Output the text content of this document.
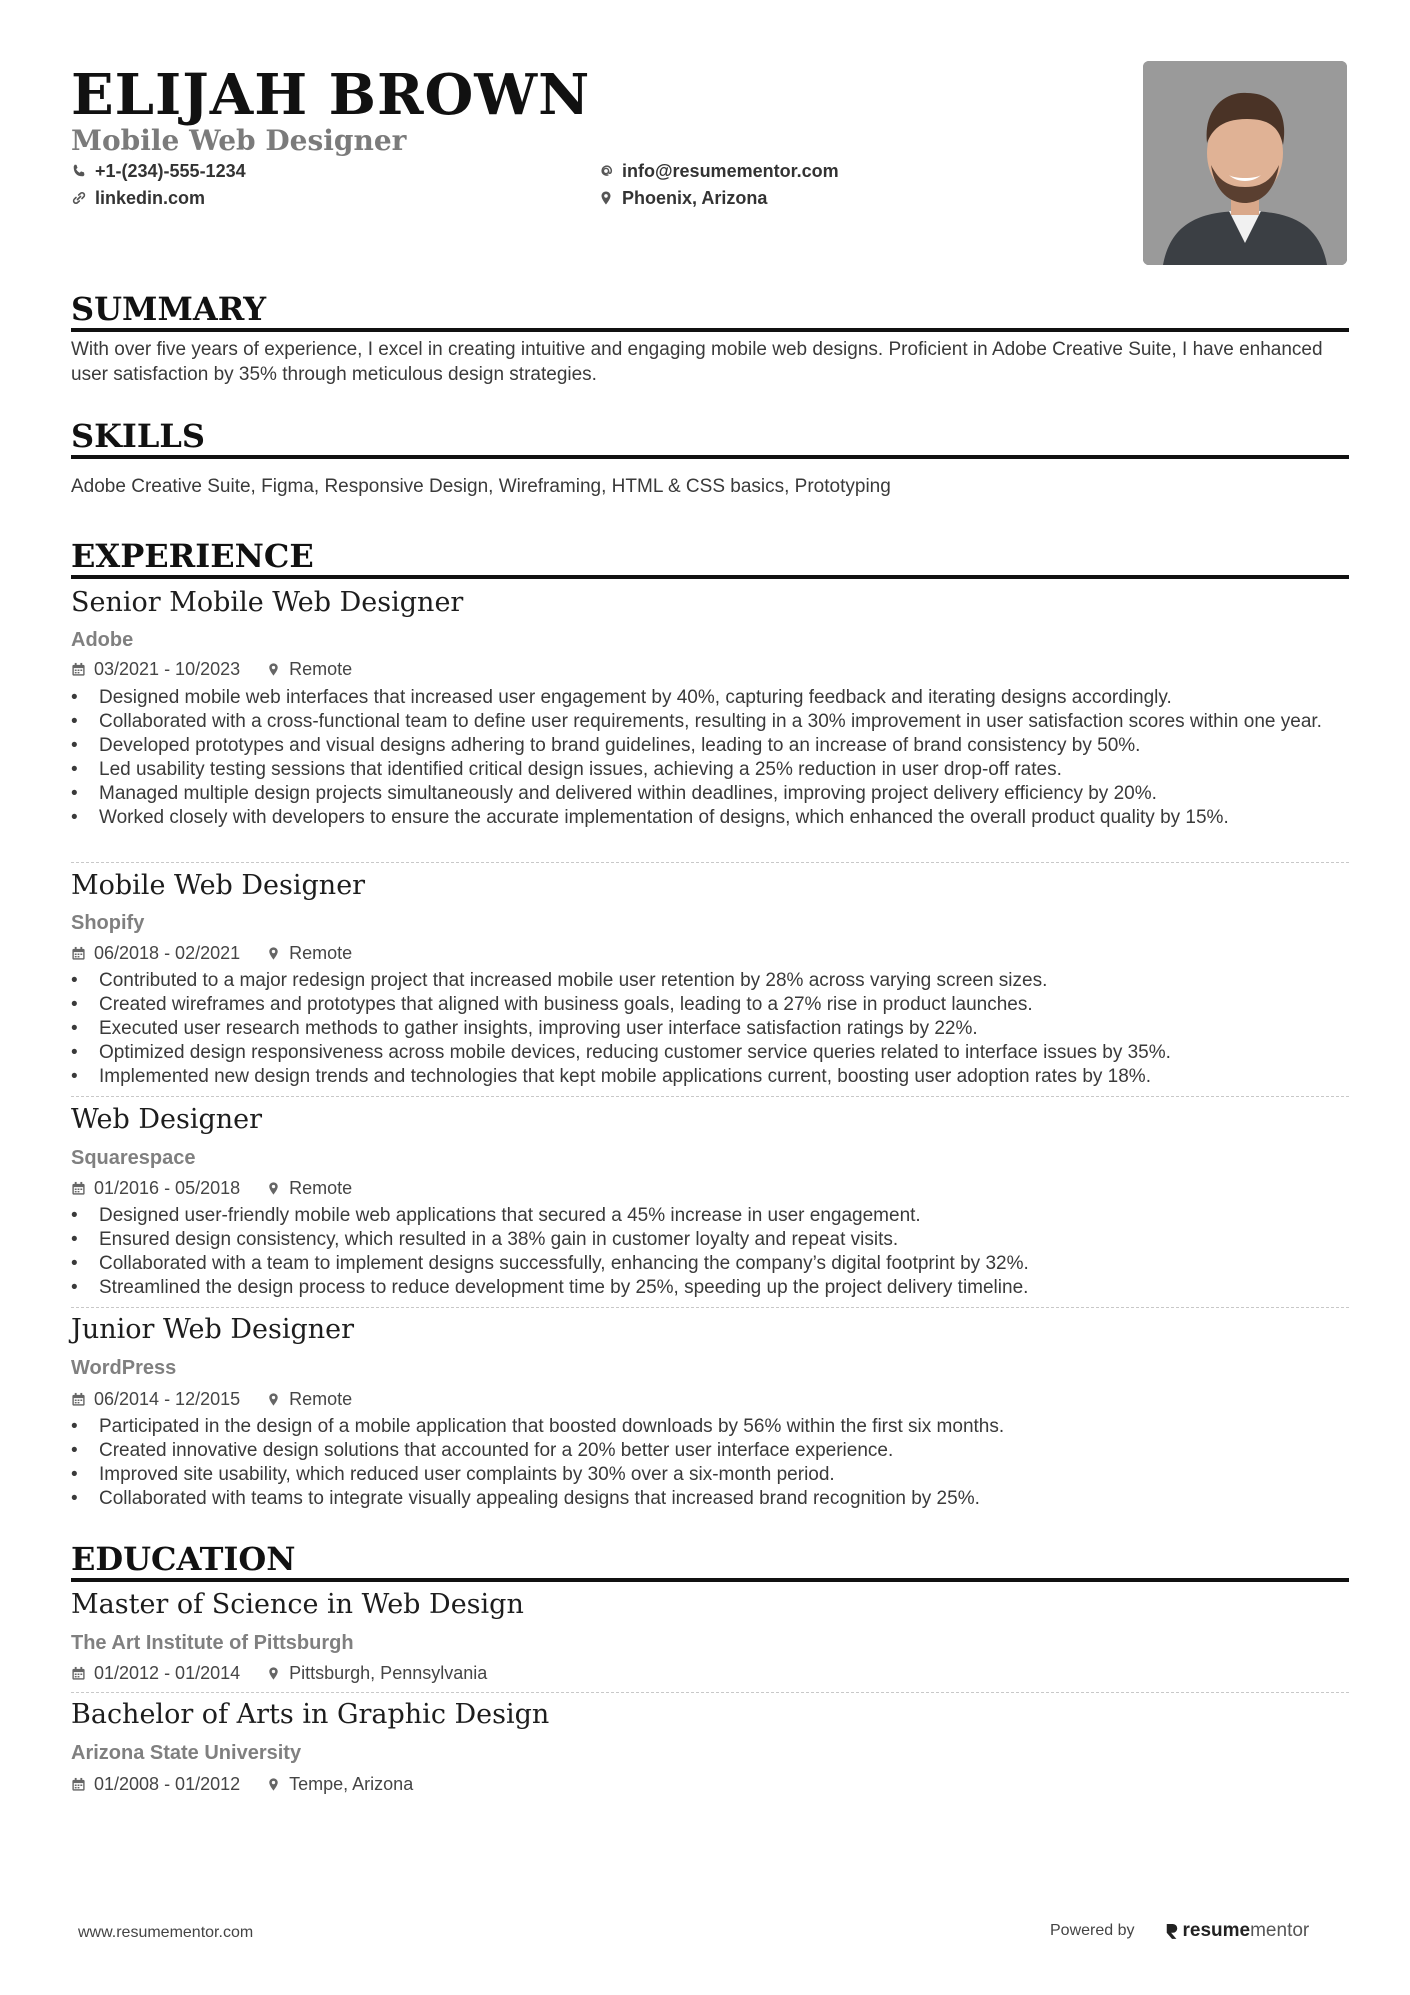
ELIJAH BROWN
Mobile Web Designer
+1-(234)-555-1234
linkedin.com
info@resumementor.com
Phoenix, Arizona
SUMMARY
With over five years of experience, I excel in creating intuitive and engaging mobile web designs. Proficient in Adobe Creative Suite, I have enhanced user satisfaction by 35% through meticulous design strategies.
SKILLS
Adobe Creative Suite, Figma, Responsive Design, Wireframing, HTML & CSS basics, Prototyping
EXPERIENCE
Senior Mobile Web Designer
Adobe
03/2021 - 10/2023	Remote
• Designed mobile web interfaces that increased user engagement by 40%, capturing feedback and iterating designs accordingly.
• Collaborated with a cross-functional team to define user requirements, resulting in a 30% improvement in user satisfaction scores within one year.
• Developed prototypes and visual designs adhering to brand guidelines, leading to an increase of brand consistency by 50%.
• Led usability testing sessions that identified critical design issues, achieving a 25% reduction in user drop-off rates.
• Managed multiple design projects simultaneously and delivered within deadlines, improving project delivery efficiency by 20%.
• Worked closely with developers to ensure the accurate implementation of designs, which enhanced the overall product quality by 15%.
Mobile Web Designer
Shopify
06/2018 - 02/2021	Remote
• Contributed to a major redesign project that increased mobile user retention by 28% across varying screen sizes.
• Created wireframes and prototypes that aligned with business goals, leading to a 27% rise in product launches.
• Executed user research methods to gather insights, improving user interface satisfaction ratings by 22%.
• Optimized design responsiveness across mobile devices, reducing customer service queries related to interface issues by 35%.
• Implemented new design trends and technologies that kept mobile applications current, boosting user adoption rates by 18%.
Web Designer
Squarespace
01/2016 - 05/2018	Remote
• Designed user-friendly mobile web applications that secured a 45% increase in user engagement.
• Ensured design consistency, which resulted in a 38% gain in customer loyalty and repeat visits.
• Collaborated with a team to implement designs successfully, enhancing the company’s digital footprint by 32%.
• Streamlined the design process to reduce development time by 25%, speeding up the project delivery timeline.
Junior Web Designer
WordPress
06/2014 - 12/2015	Remote
• Participated in the design of a mobile application that boosted downloads by 56% within the first six months.
• Created innovative design solutions that accounted for a 20% better user interface experience.
• Improved site usability, which reduced user complaints by 30% over a six-month period.
• Collaborated with teams to integrate visually appealing designs that increased brand recognition by 25%.
EDUCATION
Master of Science in Web Design
The Art Institute of Pittsburgh
01/2012 - 01/2014	Pittsburgh, Pennsylvania
Bachelor of Arts in Graphic Design
Arizona State University
01/2008 - 01/2012	Tempe, Arizona
www.resumementor.com	Powered by	resume mentor
